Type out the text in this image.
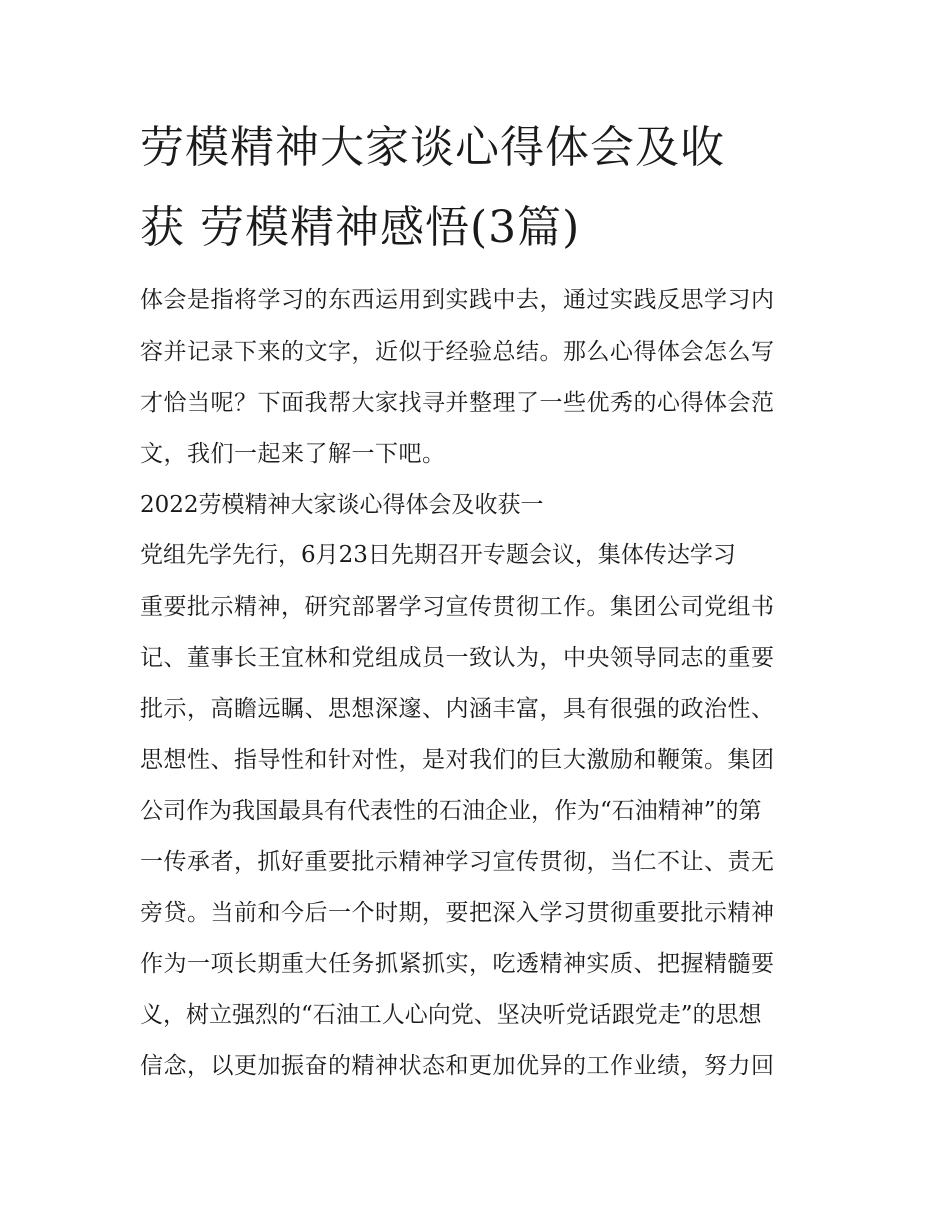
劳模精神大家谈心得体会及收
获 劳模精神感悟(3篇)
体会是指将学习的东西运用到实践中去，通过实践反思学习内
容并记录下来的文字，近似于经验总结。那么心得体会怎么写
才恰当呢？下面我帮大家找寻并整理了一些优秀的心得体会范
文，我们一起来了解一下吧。
2022劳模精神大家谈心得体会及收获一
党组先学先行，6月23日先期召开专题会议，集体传达学习
重要批示精神，研究部署学习宣传贯彻工作。集团公司党组书
记、董事长王宜林和党组成员一致认为，中央领导同志的重要
批示，高瞻远瞩、思想深邃、内涵丰富，具有很强的政治性、
思想性、指导性和针对性，是对我们的巨大激励和鞭策。集团
公司作为我国最具有代表性的石油企业，作为“石油精神”的第
一传承者，抓好重要批示精神学习宣传贯彻，当仁不让、责无
旁贷。当前和今后一个时期，要把深入学习贯彻重要批示精神
作为一项长期重大任务抓紧抓实，吃透精神实质、把握精髓要
义，树立强烈的“石油工人心向党、坚决听党话跟党走”的思想
信念，以更加振奋的精神状态和更加优异的工作业绩，努力回
